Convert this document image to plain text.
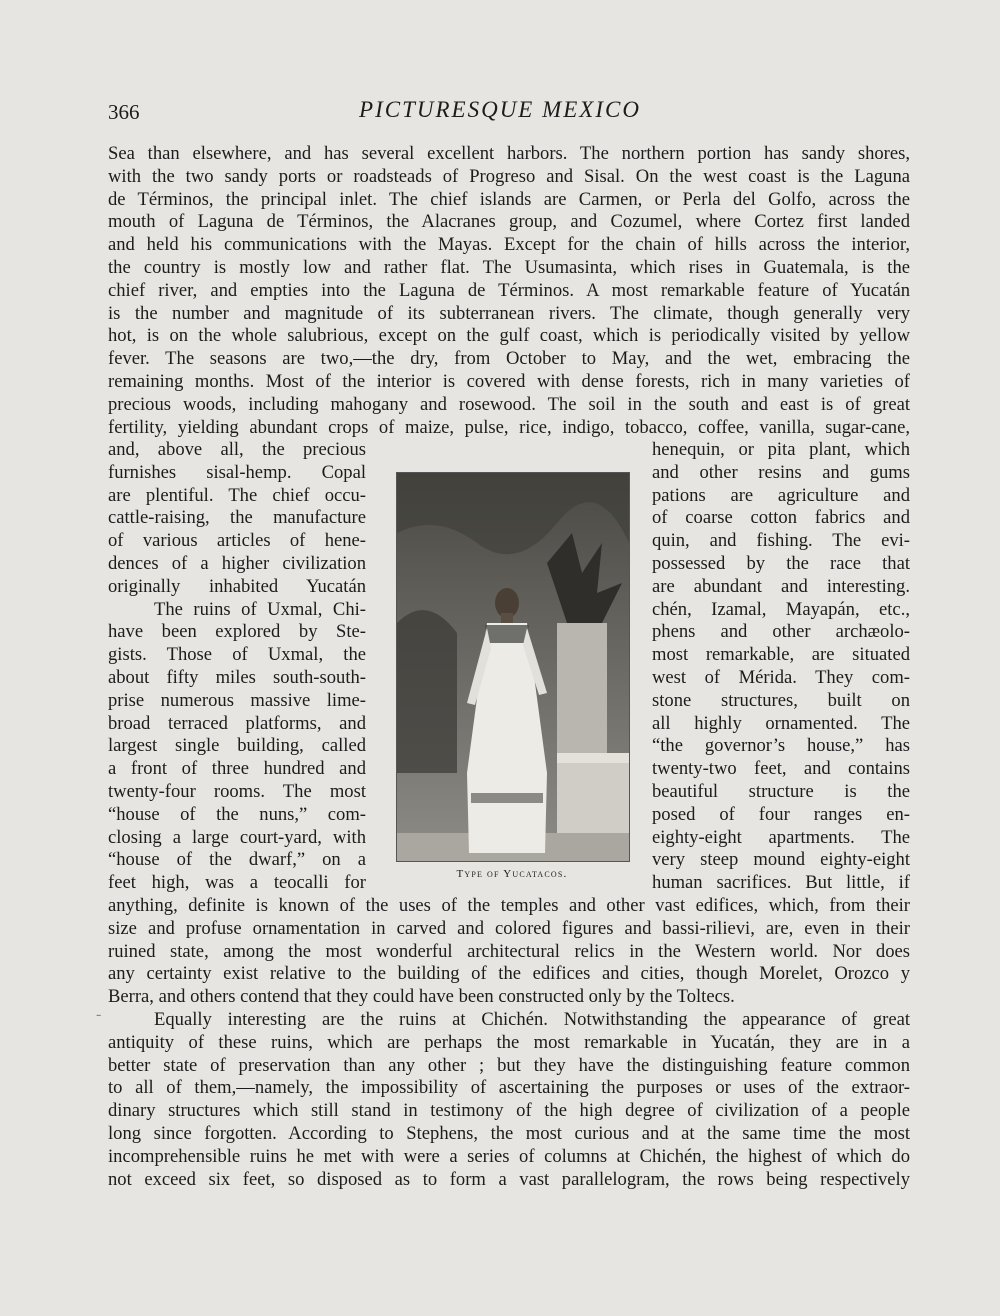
366	PICTURESQUE MEXICO
Sea than elsewhere, and has several excellent harbors. The northern portion has sandy shores,
with the two sandy ports or roadsteads of Progreso and Sisal. On the west coast is the Laguna
de Términos, the principal inlet. The chief islands are Carmen, or Perla del Golfo, across the
mouth of Laguna de Términos, the Alacranes group, and Cozumel, where Cortez first landed
and held his communications with the Mayas. Except for the chain of hills across the interior,
the country is mostly low and rather flat. The Usumasinta, which rises in Guatemala, is the
chief river, and empties into the Laguna de Términos. A most remarkable feature of Yucatán
is the number and magnitude of its subterranean rivers. The climate, though generally very
hot, is on the whole salubrious, except on the gulf coast, which is periodically visited by yellow
fever. The seasons are two,—the dry, from October to May, and the wet, embracing the
remaining months. Most of the interior is covered with dense forests, rich in many varieties of
precious woods, including mahogany and rosewood. The soil in the south and east is of great
fertility, yielding abundant crops of maize, pulse, rice, indigo, tobacco, coffee, vanilla, sugar-cane,
and, above all, the precious
furnishes sisal-hemp. Copal
are plentiful. The chief occu-
cattle-raising, the manufacture
of various articles of hene-
dences of a higher civilization
originally inhabited Yucatán
The ruins of Uxmal, Chi-
have been explored by Ste-
gists. Those of Uxmal, the
about fifty miles south-south-
prise numerous massive lime-
broad terraced platforms, and
largest single building, called
a front of three hundred and
twenty-four rooms. The most
“house of the nuns,” com-
closing a large court-yard, with
“house of the dwarf,” on a
feet high, was a teocalli for
henequin, or pita plant, which
and other resins and gums
pations are agriculture and
of coarse cotton fabrics and
quin, and fishing. The evi-
possessed by the race that
are abundant and interesting.
chén, Izamal, Mayapán, etc.,
phens and other archæolo-
most remarkable, are situated
west of Mérida. They com-
stone structures, built on
all highly ornamented. The
“the governor’s house,” has
twenty-two feet, and contains
beautiful structure is the
posed of four ranges en-
eighty-eight apartments. The
very steep mound eighty-eight
human sacrifices. But little, if
anything, definite is known of the uses of the temples and other vast edifices, which, from their
size and profuse ornamentation in carved and colored figures and bassi-rilievi, are, even in their
ruined state, among the most wonderful architectural relics in the Western world. Nor does
any certainty exist relative to the building of the edifices and cities, though Morelet, Orozco y
Berra, and others contend that they could have been constructed only by the Toltecs.
Equally interesting are the ruins at Chichén. Notwithstanding the appearance of great
antiquity of these ruins, which are perhaps the most remarkable in Yucatán, they are in a
better state of preservation than any other ; but they have the distinguishing feature common
to all of them,—namely, the impossibility of ascertaining the purposes or uses of the extraor-
dinary structures which still stand in testimony of the high degree of civilization of a people
long since forgotten. According to Stephens, the most curious and at the same time the most
incomprehensible ruins he met with were a series of columns at Chichén, the highest of which do
not exceed six feet, so disposed as to form a vast parallelogram, the rows being respectively
Type of Yucatacos.
-
